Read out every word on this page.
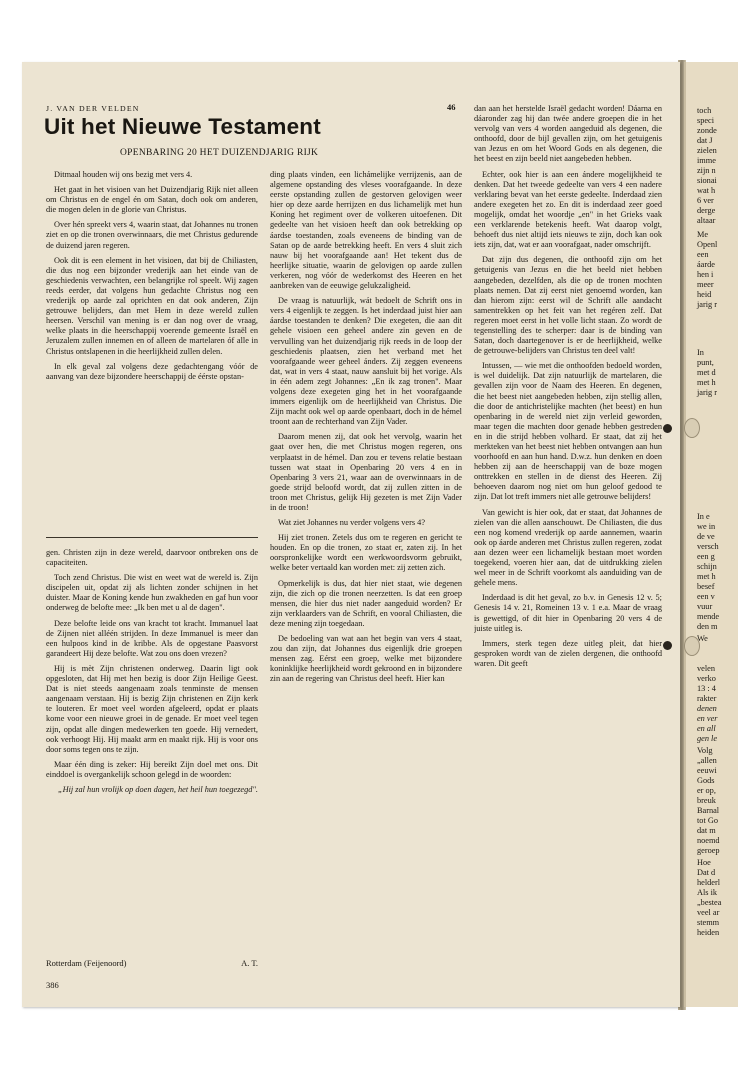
J. VAN DER VELDEN	46
Uit het Nieuwe Testament
OPENBARING 20 HET DUIZENDJARIG RIJK

Ditmaal houden wij ons bezig met vers 4.

Het gaat in het visioen van het Duizendjarig Rijk niet alleen om Christus en de engel én om Satan, doch ook om anderen, die mogen delen in de glorie van Christus.

Over hén spreekt vers 4, waarin staat, dat Johannes nu tronen ziet en op die tronen overwinnaars, die met Christus gedurende de duizend jaren regeren.

Ook dit is een element in het visioen, dat bij de Chiliasten, die dus nog een bijzonder vrederijk aan het einde van de geschiedenis verwachten, een belangrijke rol speelt. Wij zagen reeds eerder, dat volgens hun gedachte Christus nog een vrederijk op aarde zal oprichten en dat ook anderen, Zijn getrouwe belijders, dan met Hem in deze wereld zullen heersen. Verschil van mening is er dan nog over de vraag, welke plaats in die heerschappij voerende gemeente Israël en Jeruzalem zullen innemen en of alleen de martelaren óf alle in Christus ontslapenen in die heerlijkheid zullen delen.

In elk geval zal volgens deze gedachtengang vóór de aanvang van deze bijzondere heerschappij de éérste opstan-

gen. Christen zijn in deze wereld, daarvoor ontbreken ons de capaciteiten.

Toch zend Christus. Die wist en weet wat de wereld is. Zijn discipelen uit, opdat zij als lichten zonder schijnen in het duister. Maar de Koning kende hun zwakheden en gaf hun voor onderweg de belofte mee: „Ik ben met u al de dagen".

Deze belofte leide ons van kracht tot kracht. Immanuel laat de Zijnen niet alléén strijden. In deze Immanuel is meer dan een hulpoos kind in de kribbe. Als de opgestane Paasvorst garandeert Hij deze belofte. Wat zou ons doen vrezen?

Hij is mèt Zijn christenen onderweg. Daarin ligt ook opgesloten, dat Hij met hen bezig is door Zijn Heilige Geest. Dat is niet steeds aangenaam zoals tenminste de mensen aangenaam verstaan. Hij is bezig Zijn christenen en Zijn kerk te louteren. Er moet veel worden afgeleerd, opdat er plaats kome voor een nieuwe groei in de genade. Er moet veel tegen zijn, opdat alle dingen medewerken ten goede. Hij vernedert, ook verhoogt Hij. Hij maakt arm en maakt rijk. Hij is voor ons door soms tegen ons te zijn.

Maar één ding is zeker: Hij bereikt Zijn doel met ons. Dit einddoel is overgankelijk schoon gelegd in de woorden:

„Hij zal hun vrolijk op doen dagen, het heil hun toegezegd".

Rotterdam (Feijenoord)	A. T.
386

ding plaats vinden, een lichámelijke verrijzenis, aan de algemene opstanding des vleses voorafgaande. In deze eerste opstanding zullen de gestorven gelovigen weer hier op deze aarde herrijzen en dus lichamelijk met hun Koning het regiment over de volkeren uitoefenen. Dit gedeelte van het visioen heeft dan ook betrekking op áardse toestanden, zoals eveneens de binding van de Satan op de aarde betrekking heeft. En vers 4 sluit zich nauw bij het voorafgaande aan! Het tekent dus de heerlijke situatie, waarin de gelovigen op aarde zullen verkeren, nog vóór de wederkomst des Heeren en het aanbreken van de eeuwige gelukzaligheid.

De vraag is natuurlijk, wát bedoelt de Schrift ons in vers 4 eigenlijk te zeggen. Is het inderdaad juist hier aan áardse toestanden te denken? Die exegeten, die aan dit gehele visioen een geheel andere zin geven en de vervulling van het duizendjarig rijk reeds in de loop der geschiedenis plaatsen, zien het verband met het voorafgaande weer geheel ánders. Zij zeggen eveneens dat, wat in vers 4 staat, nauw aansluit bij het vorige. Als in één adem zegt Johannes: „En ik zag tronen". Maar volgens deze exegeten ging het in het voorafgaande immers eigenlijk om de heerlijkheid van Christus. Die Zijn macht ook wel op aarde openbaart, doch in de hémel troont aan de rechterhand van Zijn Vader.

Daarom menen zij, dat ook het vervolg, waarin het gaat over hen, die met Christus mogen regeren, ons verplaatst in de hémel. Dan zou er tevens relatie bestaan tussen wat staat in Openbaring 20 vers 4 en in Openbaring 3 vers 21, waar aan de overwinnaars in de goede strijd beloofd wordt, dat zij zullen zitten in de troon met Christus, gelijk Hij gezeten is met Zijn Vader in de troon!

Wat ziet Johannes nu verder volgens vers 4?

Hij ziet tronen. Zetels dus om te regeren en gericht te houden. En op die tronen, zo staat er, zaten zij. In het oorspronkelijke wordt een werkwoordsvorm gebruikt, welke beter vertaald kan worden met: zij zetten zich.

Opmerkelijk is dus, dat hier niet staat, wie degenen zijn, die zich op die tronen neerzetten. Is dat een groep mensen, die hier dus niet nader aangeduid worden? Er zijn verklaarders van de Schrift, en vooral Chiliasten, die deze mening zijn toegedaan.

De bedoeling van wat aan het begin van vers 4 staat, zou dan zijn, dat Johannes dus eigenlijk drie groepen mensen zag. Eérst een groep, welke met bijzondere koninklijke heerlijkheid wordt gekroond en in bijzondere zin aan de regering van Christus deel heeft. Hier kan

dan aan het herstelde Israël gedacht worden! Dáarna en dáaronder zag hij dan twée andere groepen die in het vervolg van vers 4 worden aangeduid als degenen, die onthoofd, door de bijl gevallen zijn, om het getuigenis van Jezus en om het Woord Gods en als degenen, die het beest en zijn beeld niet aangebeden hebben.

Echter, ook hier is aan een ándere mogelijkheid te denken. Dat het tweede gedeelte van vers 4 een nadere verklaring bevat van het eerste gedeelte. Inderdaad zien andere exegeten het zo. En dit is inderdaad zeer goed mogelijk, omdat het woordje „en" in het Grieks vaak een verklarende betekenis heeft. Wat daarop volgt, behoeft dus niet altijd iets nieuws te zijn, doch kan ook iets zijn, dat, wat er aan voorafgaat, nader omschrijft.

Dat zijn dus degenen, die onthoofd zijn om het getuigenis van Jezus en die het beeld niet hebben aangebeden, dezelfden, als die op de tronen mochten plaats nemen. Dat zij eerst niet genoemd worden, kan dan hierom zijn: eerst wil de Schrift alle aandacht samentrekken op het feit van het regéren zelf. Dat regeren moet eerst in het volle licht staan. Zo wordt de tegenstelling des te scherper: daar is de binding van Satan, doch daartegenover is er de heerlijkheid, welke de getrouwe-belijders van Christus ten deel valt!

Intussen, — wie met die onthoofden bedoeld worden, is wel duidelijk. Dat zijn natuurlijk de martelaren, die gevallen zijn voor de Naam des Heeren. En degenen, die het beest niet aangebeden hebben, zijn stellig allen, die door de antichristelijke machten (het beest) en hun openbaring in de wereld niet zijn verleid geworden, maar tegen die machten door genade hebben gestreden en in die strijd hebben volhard. Er staat, dat zij het merkteken van het beest niet hebben ontvangen aan hun voorhoofd en aan hun hand. D.w.z. hun denken en doen hebben zij aan de heerschappij van de boze mogen onttrekken en stellen in de dienst des Heeren. Zij behoeven daarom nog niet om hun geloof gedood te zijn. Dat lot treft immers niet alle getrouwe belijders!

Van gewicht is hier ook, dat er staat, dat Johannes de zielen van die allen aanschouwt. De Chiliasten, die dus een nog komend vrederijk op aarde aannemen, waarin ook op áarde anderen met Christus zullen regeren, zodat aan dezen weer een lichamelijk bestaan moet worden toegekend, voeren hier aan, dat de uitdrukking zielen wel meer in de Schrift voorkomt als aanduiding van de gehele mens.

Inderdaad is dit het geval, zo b.v. in Genesis 12 v. 5; Genesis 14 v. 21, Romeinen 13 v. 1 e.a. Maar de vraag is gewettigd, of dit hier in Openbaring 20 vers 4 de juiste uitleg is.

Immers, sterk tegen deze uitleg pleit, dat hier gesproken wordt van de zielen dergenen, die onthoofd waren. Dit geeft

toch
speci
zonde
dat J
zielen
imme
zijn n
sionai
wat h
6 ver
derge
altaar
Me
Openl
een
áarde
hen i
meer
heid
jarig r
In
punt,
met d
met h
jarig r
In e
we in
de ve
versch
een g
schijn
met h
besef
een v
vuur
mende
den m
We
velen
verko
13 : 4
rakter
denen
en ver
en all
gen le
Volg
„allen
eeuwi
Gods
er op,
breuk
Barnal
tot Go
dat m
noemd
geroep
Hoe
Dat d
helderl
Als ik
„bestea
veel ar
stemm
heiden
